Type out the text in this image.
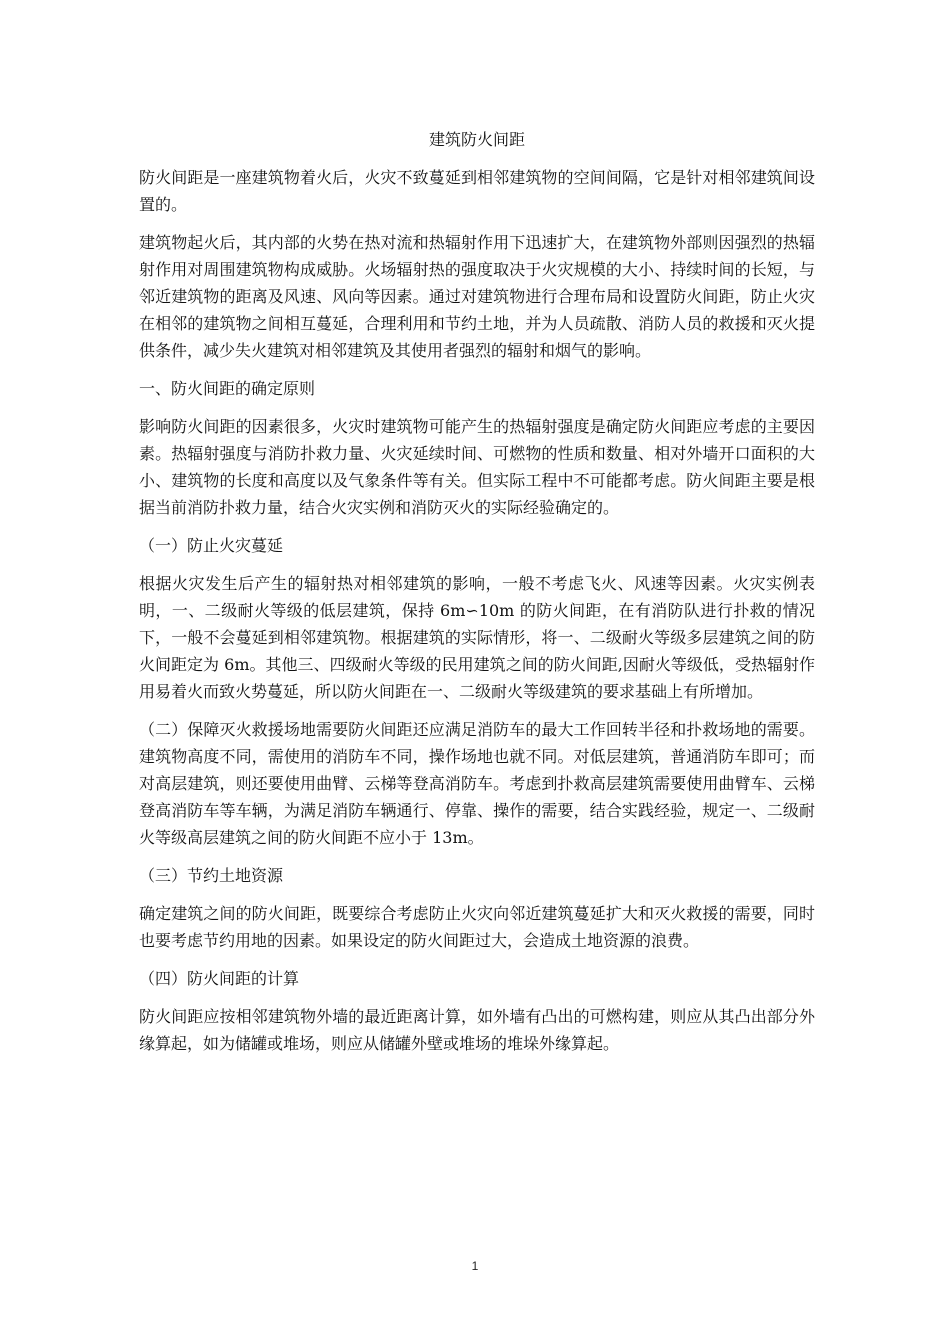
建筑防火间距

防火间距是一座建筑物着火后，火灾不致蔓延到相邻建筑物的空间间隔，它是针对相邻建筑间设置的。

建筑物起火后，其内部的火势在热对流和热辐射作用下迅速扩大，在建筑物外部则因强烈的热辐射作用对周围建筑物构成威胁。火场辐射热的强度取决于火灾规模的大小、持续时间的长短，与邻近建筑物的距离及风速、风向等因素。通过对建筑物进行合理布局和设置防火间距，防止火灾在相邻的建筑物之间相互蔓延，合理利用和节约土地，并为人员疏散、消防人员的救援和灭火提供条件，减少失火建筑对相邻建筑及其使用者强烈的辐射和烟气的影响。

一、防火间距的确定原则

影响防火间距的因素很多，火灾时建筑物可能产生的热辐射强度是确定防火间距应考虑的主要因素。热辐射强度与消防扑救力量、火灾延续时间、可燃物的性质和数量、相对外墙开口面积的大小、建筑物的长度和高度以及气象条件等有关。但实际工程中不可能都考虑。防火间距主要是根据当前消防扑救力量，结合火灾实例和消防灭火的实际经验确定的。

（一）防止火灾蔓延

根据火灾发生后产生的辐射热对相邻建筑的影响，一般不考虑飞火、风速等因素。火灾实例表明，一、二级耐火等级的低层建筑，保持 6m∽10m 的防火间距，在有消防队进行扑救的情况下，一般不会蔓延到相邻建筑物。根据建筑的实际情形，将一、二级耐火等级多层建筑之间的防火间距定为 6m。其他三、四级耐火等级的民用建筑之间的防火间距,因耐火等级低，受热辐射作用易着火而致火势蔓延，所以防火间距在一、二级耐火等级建筑的要求基础上有所增加。

（二）保障灭火救援场地需要防火间距还应满足消防车的最大工作回转半径和扑救场地的需要。建筑物高度不同，需使用的消防车不同，操作场地也就不同。对低层建筑，普通消防车即可；而对高层建筑，则还要使用曲臂、云梯等登高消防车。考虑到扑救高层建筑需要使用曲臂车、云梯登高消防车等车辆，为满足消防车辆通行、停靠、操作的需要，结合实践经验，规定一、二级耐火等级高层建筑之间的防火间距不应小于 13m。

（三）节约土地资源

确定建筑之间的防火间距，既要综合考虑防止火灾向邻近建筑蔓延扩大和灭火救援的需要，同时也要考虑节约用地的因素。如果设定的防火间距过大，会造成土地资源的浪费。

（四）防火间距的计算

防火间距应按相邻建筑物外墙的最近距离计算，如外墙有凸出的可燃构建，则应从其凸出部分外缘算起，如为储罐或堆场，则应从储罐外壁或堆场的堆垛外缘算起。

1
